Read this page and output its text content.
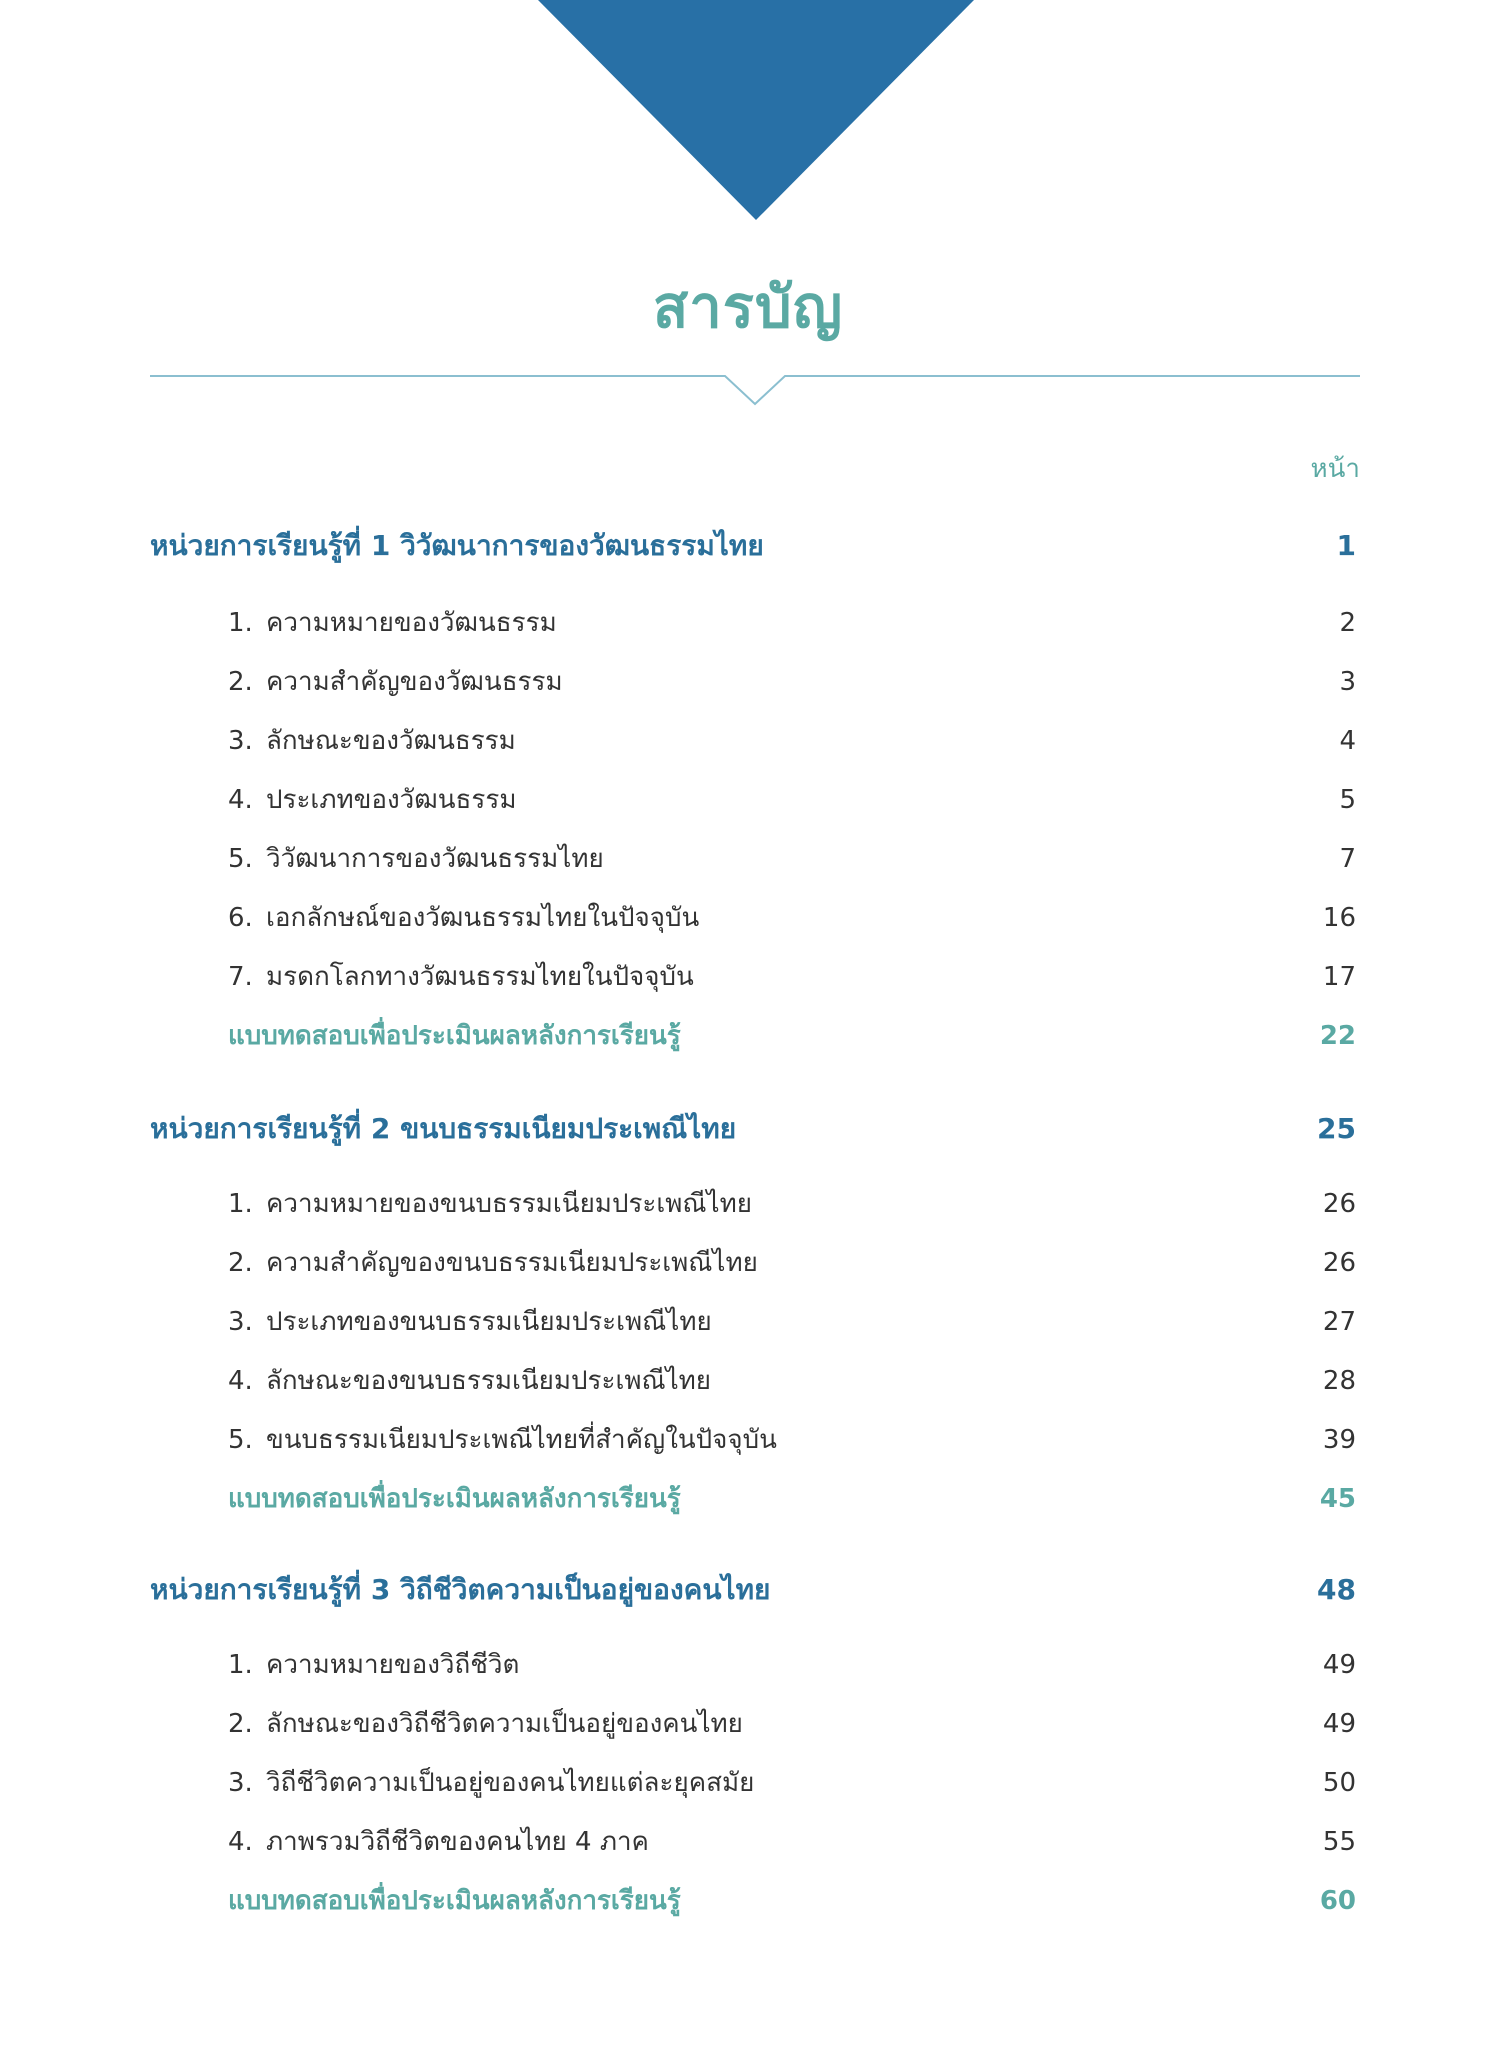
สารบัญ
หน้า
หน่วยการเรียนรู้ที่ 1 วิวัฒนาการของวัฒนธรรมไทย	1
1. ความหมายของวัฒนธรรม	2
2. ความสำคัญของวัฒนธรรม	3
3. ลักษณะของวัฒนธรรม	4
4. ประเภทของวัฒนธรรม	5
5. วิวัฒนาการของวัฒนธรรมไทย	7
6. เอกลักษณ์ของวัฒนธรรมไทยในปัจจุบัน	16
7. มรดกโลกทางวัฒนธรรมไทยในปัจจุบัน	17
แบบทดสอบเพื่อประเมินผลหลังการเรียนรู้	22
หน่วยการเรียนรู้ที่ 2 ขนบธรรมเนียมประเพณีไทย	25
1. ความหมายของขนบธรรมเนียมประเพณีไทย	26
2. ความสำคัญของขนบธรรมเนียมประเพณีไทย	26
3. ประเภทของขนบธรรมเนียมประเพณีไทย	27
4. ลักษณะของขนบธรรมเนียมประเพณีไทย	28
5. ขนบธรรมเนียมประเพณีไทยที่สำคัญในปัจจุบัน	39
แบบทดสอบเพื่อประเมินผลหลังการเรียนรู้	45
หน่วยการเรียนรู้ที่ 3 วิถีชีวิตความเป็นอยู่ของคนไทย	48
1. ความหมายของวิถีชีวิต	49
2. ลักษณะของวิถีชีวิตความเป็นอยู่ของคนไทย	49
3. วิถีชีวิตความเป็นอยู่ของคนไทยแต่ละยุคสมัย	50
4. ภาพรวมวิถีชีวิตของคนไทย 4 ภาค	55
แบบทดสอบเพื่อประเมินผลหลังการเรียนรู้	60
